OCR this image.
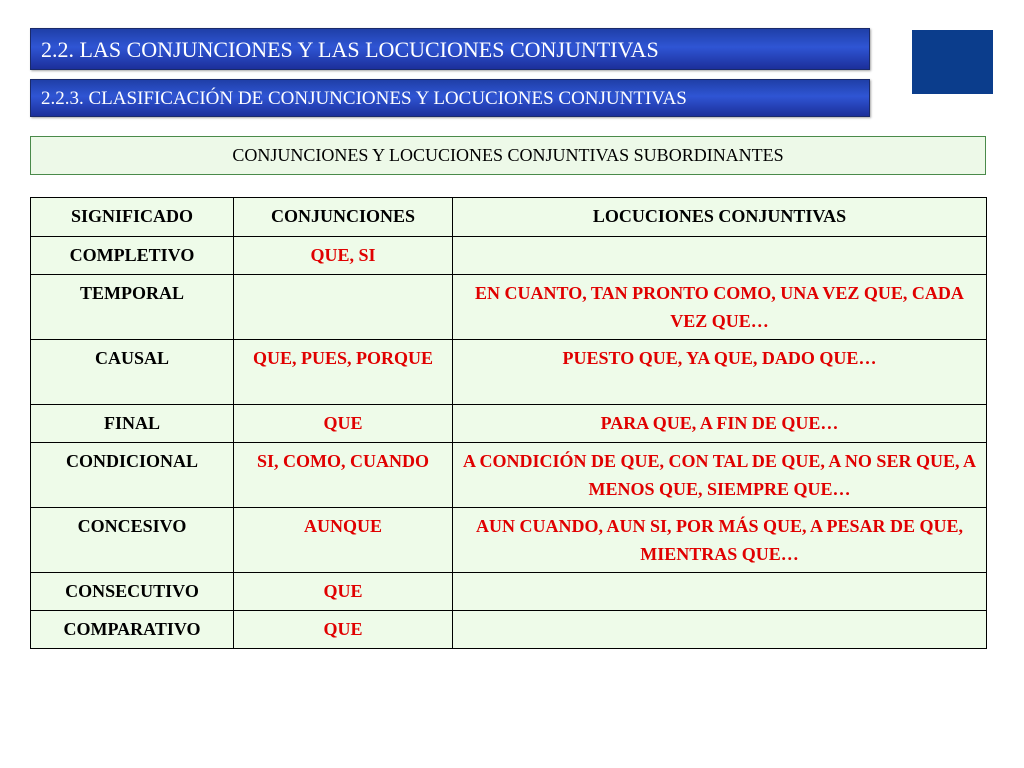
2.2. LAS CONJUNCIONES Y LAS LOCUCIONES CONJUNTIVAS
2.2.3. CLASIFICACIÓN DE CONJUNCIONES Y LOCUCIONES CONJUNTIVAS
CONJUNCIONES Y LOCUCIONES CONJUNTIVAS SUBORDINANTES
SIGNIFICADO	CONJUNCIONES	LOCUCIONES CONJUNTIVAS
COMPLETIVO	QUE, SI	
TEMPORAL		EN CUANTO, TAN PRONTO COMO, UNA VEZ QUE, CADA VEZ QUE…
CAUSAL	QUE, PUES, PORQUE	PUESTO QUE, YA QUE, DADO QUE…
FINAL	QUE	PARA QUE, A FIN DE QUE…
CONDICIONAL	SI, COMO, CUANDO	A CONDICIÓN DE QUE, CON TAL DE QUE, A NO SER QUE, A MENOS QUE, SIEMPRE QUE…
CONCESIVO	AUNQUE	AUN CUANDO, AUN SI, POR MÁS QUE, A PESAR DE QUE, MIENTRAS QUE…
CONSECUTIVO	QUE	
COMPARATIVO	QUE	
